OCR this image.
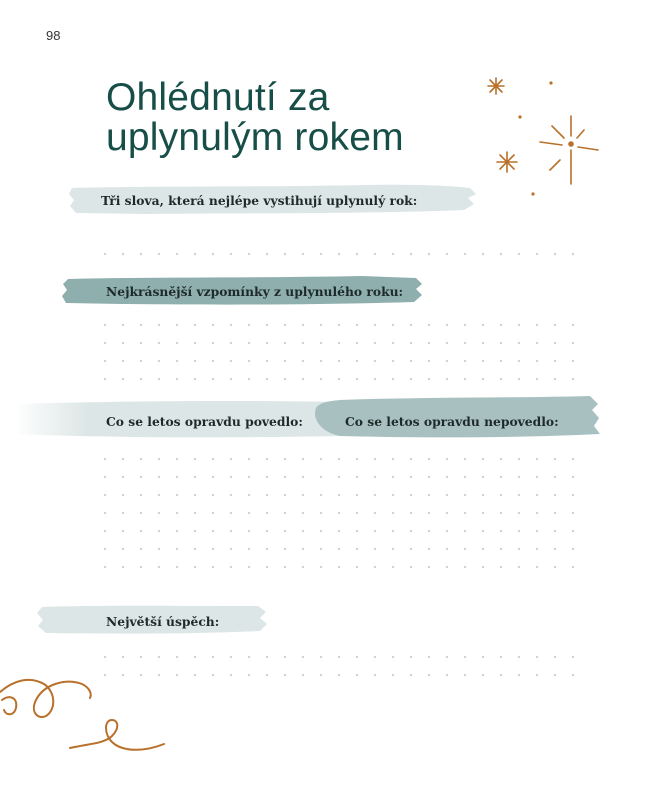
98
Ohlédnutí za
uplynulým rokem
Tři slova, která nejlépe vystihují uplynulý rok:
Nejkrásnější vzpomínky z uplynulého roku:
Co se letos opravdu povedlo:	Co se letos opravdu nepovedlo:
Největší úspěch:
